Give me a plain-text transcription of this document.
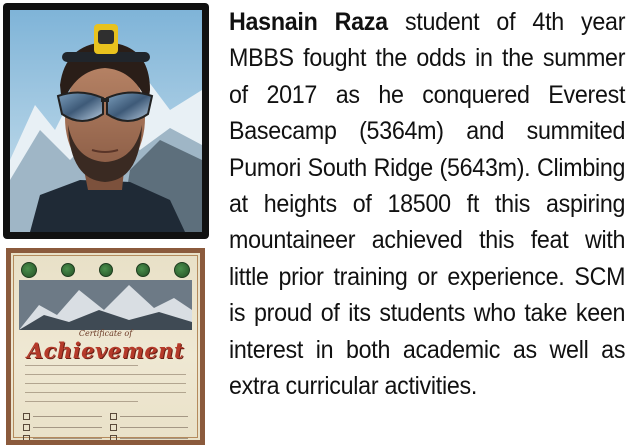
Certificate of
Achievement

Hasnain Raza student of 4th year MBBS fought the odds in the summer of 2017 as he conquered Everest Basecamp (5364m) and summited Pumori South Ridge (5643m). Climbing at heights of 18500 ft this aspiring mountaineer achieved this feat with little prior training or experience. SCM is proud of its students who take keen interest in both academic as well as extra curricular activities.
